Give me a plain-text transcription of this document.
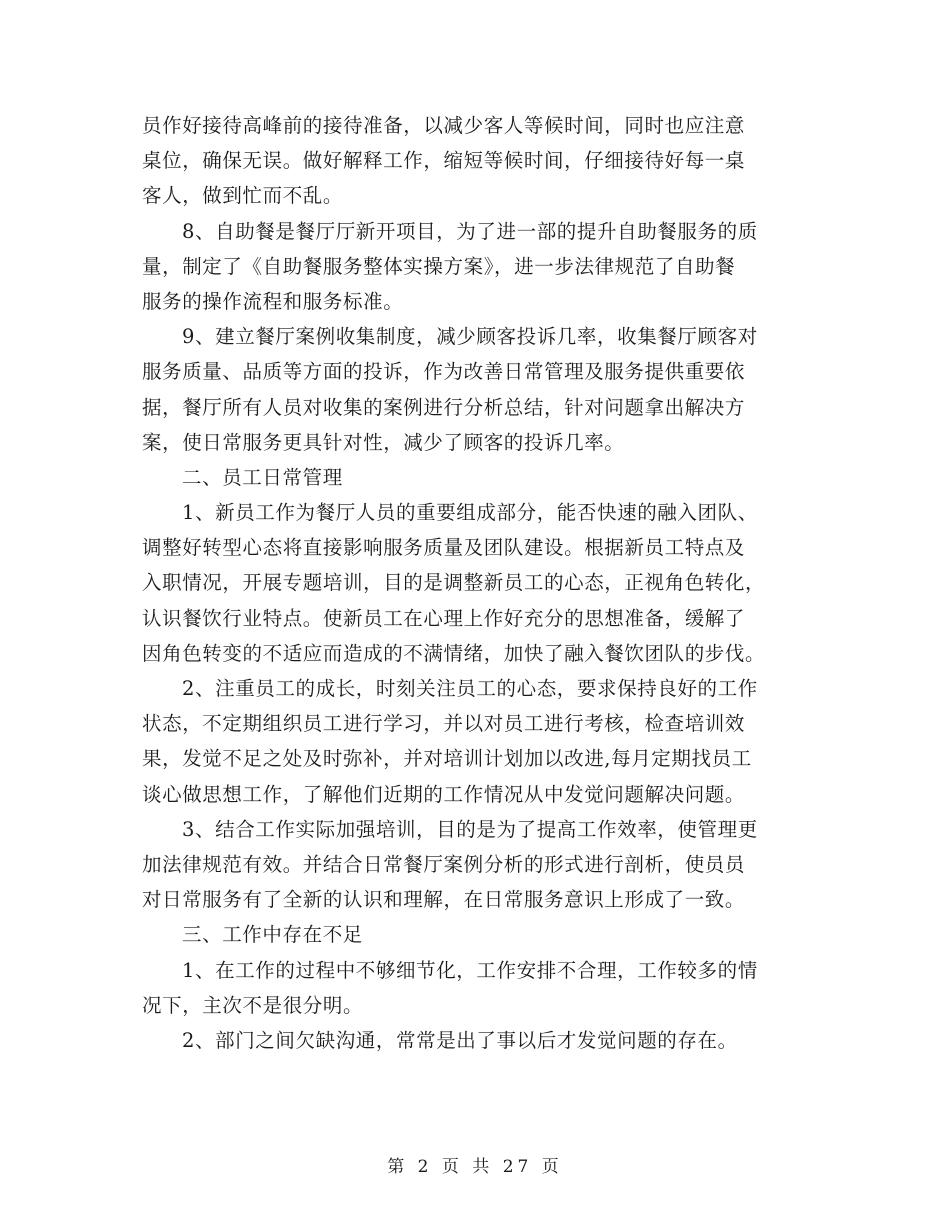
员作好接待高峰前的接待准备，以减少客人等候时间，同时也应注意
桌位，确保无误。做好解释工作，缩短等候时间，仔细接待好每一桌
客人，做到忙而不乱。
8、自助餐是餐厅厅新开项目，为了进一部的提升自助餐服务的质
量，制定了《自助餐服务整体实操方案》，进一步法律规范了自助餐
服务的操作流程和服务标准。
9、建立餐厅案例收集制度，减少顾客投诉几率，收集餐厅顾客对
服务质量、品质等方面的投诉，作为改善日常管理及服务提供重要依
据，餐厅所有人员对收集的案例进行分析总结，针对问题拿出解决方
案，使日常服务更具针对性，减少了顾客的投诉几率。
二、员工日常管理
1、新员工作为餐厅人员的重要组成部分，能否快速的融入团队、
调整好转型心态将直接影响服务质量及团队建设。根据新员工特点及
入职情况，开展专题培训，目的是调整新员工的心态，正视角色转化，
认识餐饮行业特点。使新员工在心理上作好充分的思想准备，缓解了
因角色转变的不适应而造成的不满情绪，加快了融入餐饮团队的步伐。
2、注重员工的成长，时刻关注员工的心态，要求保持良好的工作
状态，不定期组织员工进行学习，并以对员工进行考核，检查培训效
果，发觉不足之处及时弥补，并对培训计划加以改进,每月定期找员工
谈心做思想工作，了解他们近期的工作情况从中发觉问题解决问题。
3、结合工作实际加强培训，目的是为了提高工作效率，使管理更
加法律规范有效。并结合日常餐厅案例分析的形式进行剖析，使员员
对日常服务有了全新的认识和理解，在日常服务意识上形成了一致。
三、工作中存在不足
1、在工作的过程中不够细节化，工作安排不合理，工作较多的情
况下，主次不是很分明。
2、部门之间欠缺沟通，常常是出了事以后才发觉问题的存在。
第 2 页 共 27 页
